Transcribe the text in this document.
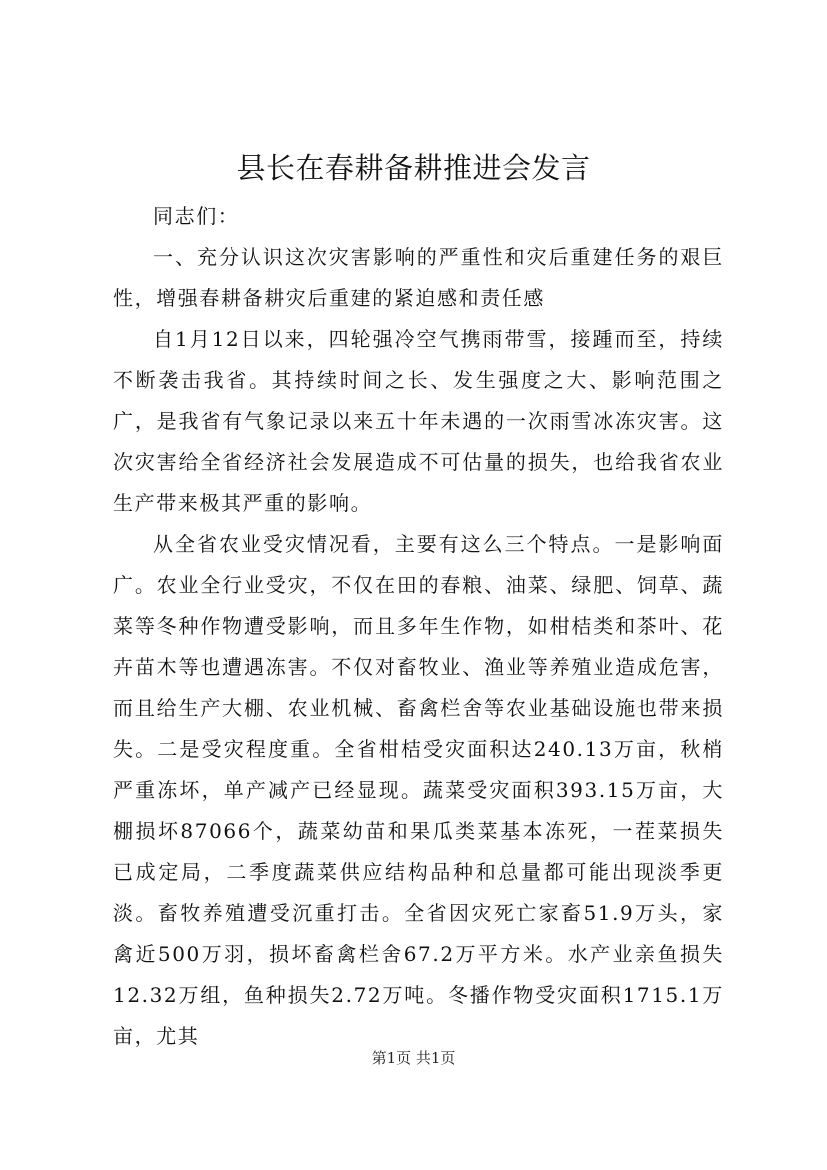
县长在春耕备耕推进会发言

同志们：

一、充分认识这次灾害影响的严重性和灾后重建任务的艰巨性，增强春耕备耕灾后重建的紧迫感和责任感

自1月12日以来，四轮强冷空气携雨带雪，接踵而至，持续不断袭击我省。其持续时间之长、发生强度之大、影响范围之广，是我省有气象记录以来五十年未遇的一次雨雪冰冻灾害。这次灾害给全省经济社会发展造成不可估量的损失，也给我省农业生产带来极其严重的影响。

从全省农业受灾情况看，主要有这么三个特点。一是影响面广。农业全行业受灾，不仅在田的春粮、油菜、绿肥、饲草、蔬菜等冬种作物遭受影响，而且多年生作物，如柑桔类和茶叶、花卉苗木等也遭遇冻害。不仅对畜牧业、渔业等养殖业造成危害，而且给生产大棚、农业机械、畜禽栏舍等农业基础设施也带来损失。二是受灾程度重。全省柑桔受灾面积达240.13万亩，秋梢严重冻坏，单产减产已经显现。蔬菜受灾面积393.15万亩，大棚损坏87066个，蔬菜幼苗和果瓜类菜基本冻死，一茬菜损失已成定局，二季度蔬菜供应结构品种和总量都可能出现淡季更淡。畜牧养殖遭受沉重打击。全省因灾死亡家畜51.9万头，家禽近500万羽，损坏畜禽栏舍67.2万平方米。水产业亲鱼损失12.32万组，鱼种损失2.72万吨。冬播作物受灾面积1715.1万亩，尤其

第1页 共1页
